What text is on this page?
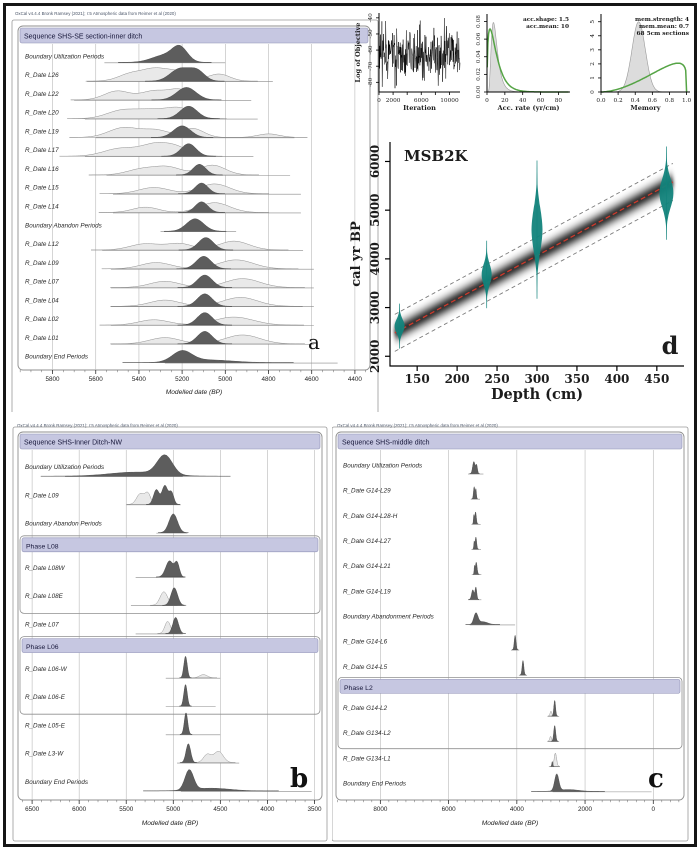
OxCal v4.4.4 Bronk Ramsey (2021); r:5 Atmospheric data from Reimer et al (2020)
Sequence SHS-SE section-inner ditch
Boundary Utilization Periods
R_Date L26
R_Date L22
R_Date L20
R_Date L19
R_Date L17
R_Date L16
R_Date L15
R_Date L14
Boundary Abandon Periods
R_Date L12
R_Date L09
R_Date L07
R_Date L04
R_Date L02
R_Date L01
Boundary End Periods
5800	5600	5400	5200	5000	4800	4600	4400
Modelled date (BP)
a
OxCal v4.4.4 Bronk Ramsey (2021); r:5 Atmospheric data from Reimer et al (2020)
Sequence SHS-Inner Ditch-NW
Boundary Utilization Periods
R_Date L09
Boundary Abandon Periods
Phase L08
R_Date L08W
R_Date L08E
R_Date L07
Phase L06
R_Date L06-W
R_Date L06-E
R_Date L05-E
R_Date L3-W
Boundary End Periods
6500	6000	5500	5000	4500	4000	3500
Modelled date (BP)
b
OxCal v4.4.4 Bronk Ramsey (2021); r:5 Atmospheric data from Reimer et al (2020)
Sequence SHS-middle ditch
Boundary Utilization Periods
R_Date G14-L29
R_Date G14-L28-H
R_Date G14-L27
R_Date G14-L21
R_Date G14-L19
Boundary Abandonment Periods
R_Date G14-L6
R_Date G14-L5
Phase L2
R_Date G14-L2
R_Date G134-L2
R_Date G134-L1
Boundary End Periods
8000	6000	4000	2000	0
Modelled date (BP)
c
-80
-70
-60
-50
-40
0 2000 6000 10000
Iteration
Log of Objective
0.00
0.02
0.04
0.06
0.08
0 20 40 60 80
Acc. rate (yr/cm)
acc.shape: 1.5
acc.mean: 10
0
1
2
3
4
5
0.0 0.2 0.4 0.6 0.8 1.0
Memory
mem.strength: 4
mem.mean: 0.7
68 5cm sections
150 200 250 300 350 400 450
2000
3000
4000
5000
6000
cal yr BP
Depth (cm)
MSB2K
d
